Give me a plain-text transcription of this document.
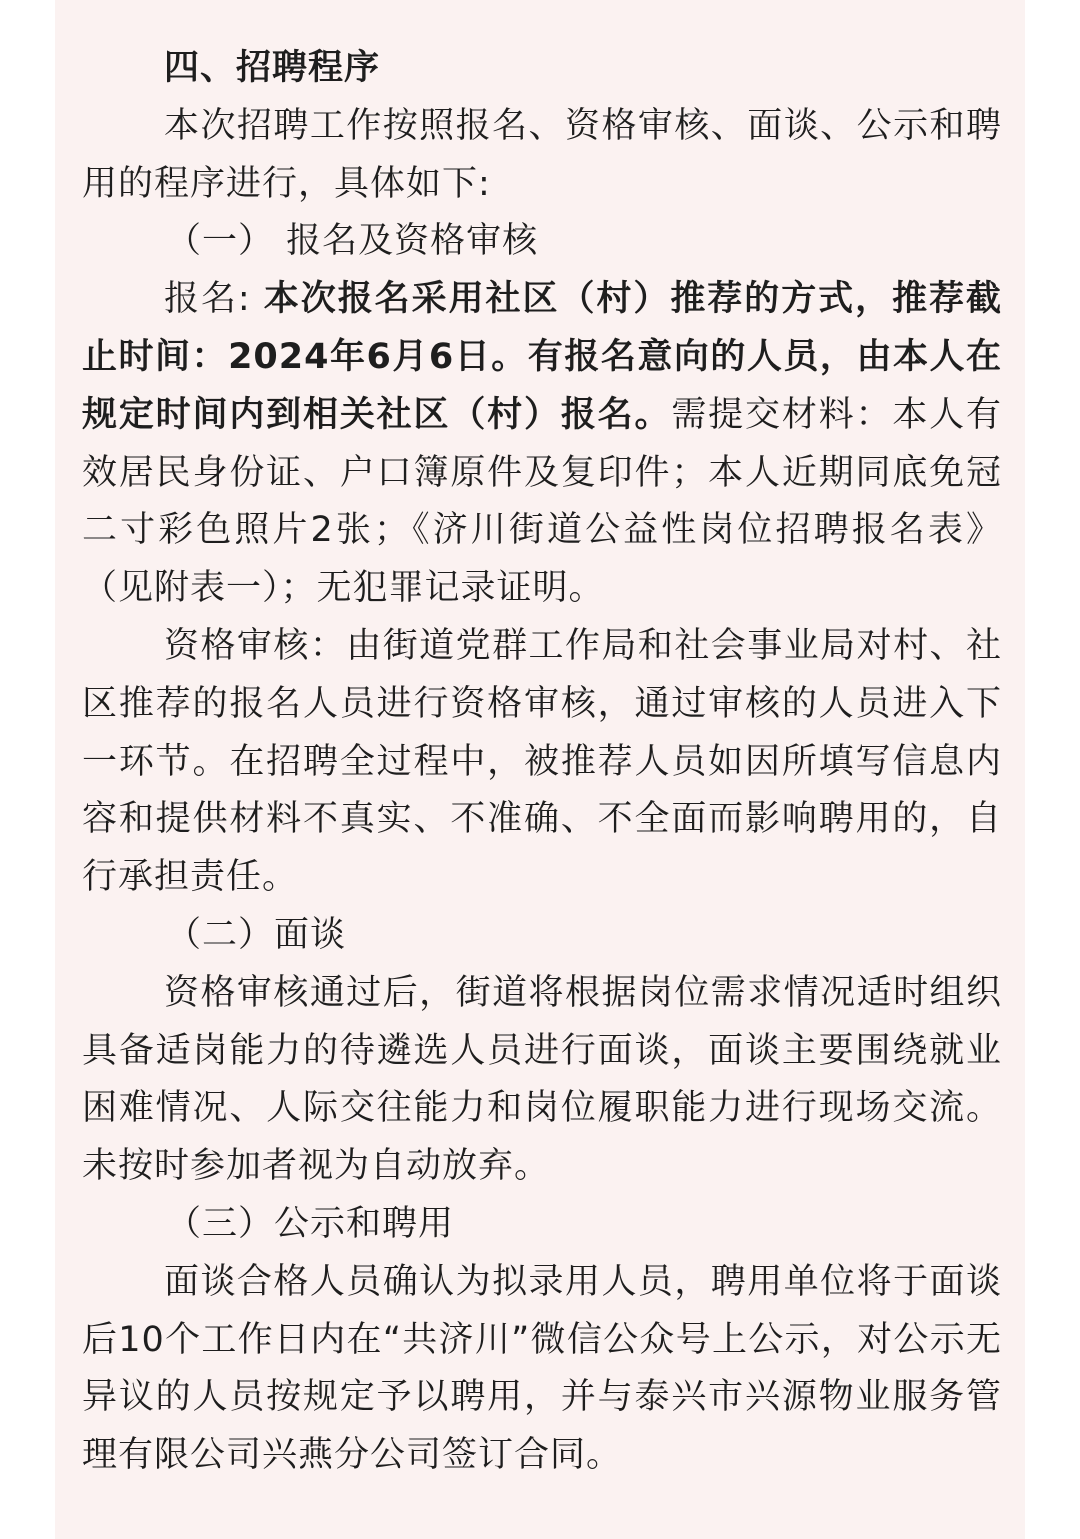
四、招聘程序

本次招聘工作按照报名、资格审核、面谈、公示和聘用的程序进行，具体如下:

（一） 报名及资格审核

报名: 本次报名采用社区（村）推荐的方式，推荐截止时间：2024年6月6日。有报名意向的人员，由本人在规定时间内到相关社区（村）报名。需提交材料：本人有效居民身份证、户口簿原件及复印件；本人近期同底免冠二寸彩色照片2张；《济川街道公益性岗位招聘报名表》（见附表一）；无犯罪记录证明。

资格审核：由街道党群工作局和社会事业局对村、社区推荐的报名人员进行资格审核，通过审核的人员进入下一环节。在招聘全过程中，被推荐人员如因所填写信息内容和提供材料不真实、不准确、不全面而影响聘用的，自行承担责任。

（二）面谈

资格审核通过后，街道将根据岗位需求情况适时组织具备适岗能力的待遴选人员进行面谈，面谈主要围绕就业困难情况、人际交往能力和岗位履职能力进行现场交流。未按时参加者视为自动放弃。

（三）公示和聘用

面谈合格人员确认为拟录用人员，聘用单位将于面谈后10个工作日内在“共济川”微信公众号上公示，对公示无异议的人员按规定予以聘用，并与泰兴市兴源物业服务管理有限公司兴燕分公司签订合同。
